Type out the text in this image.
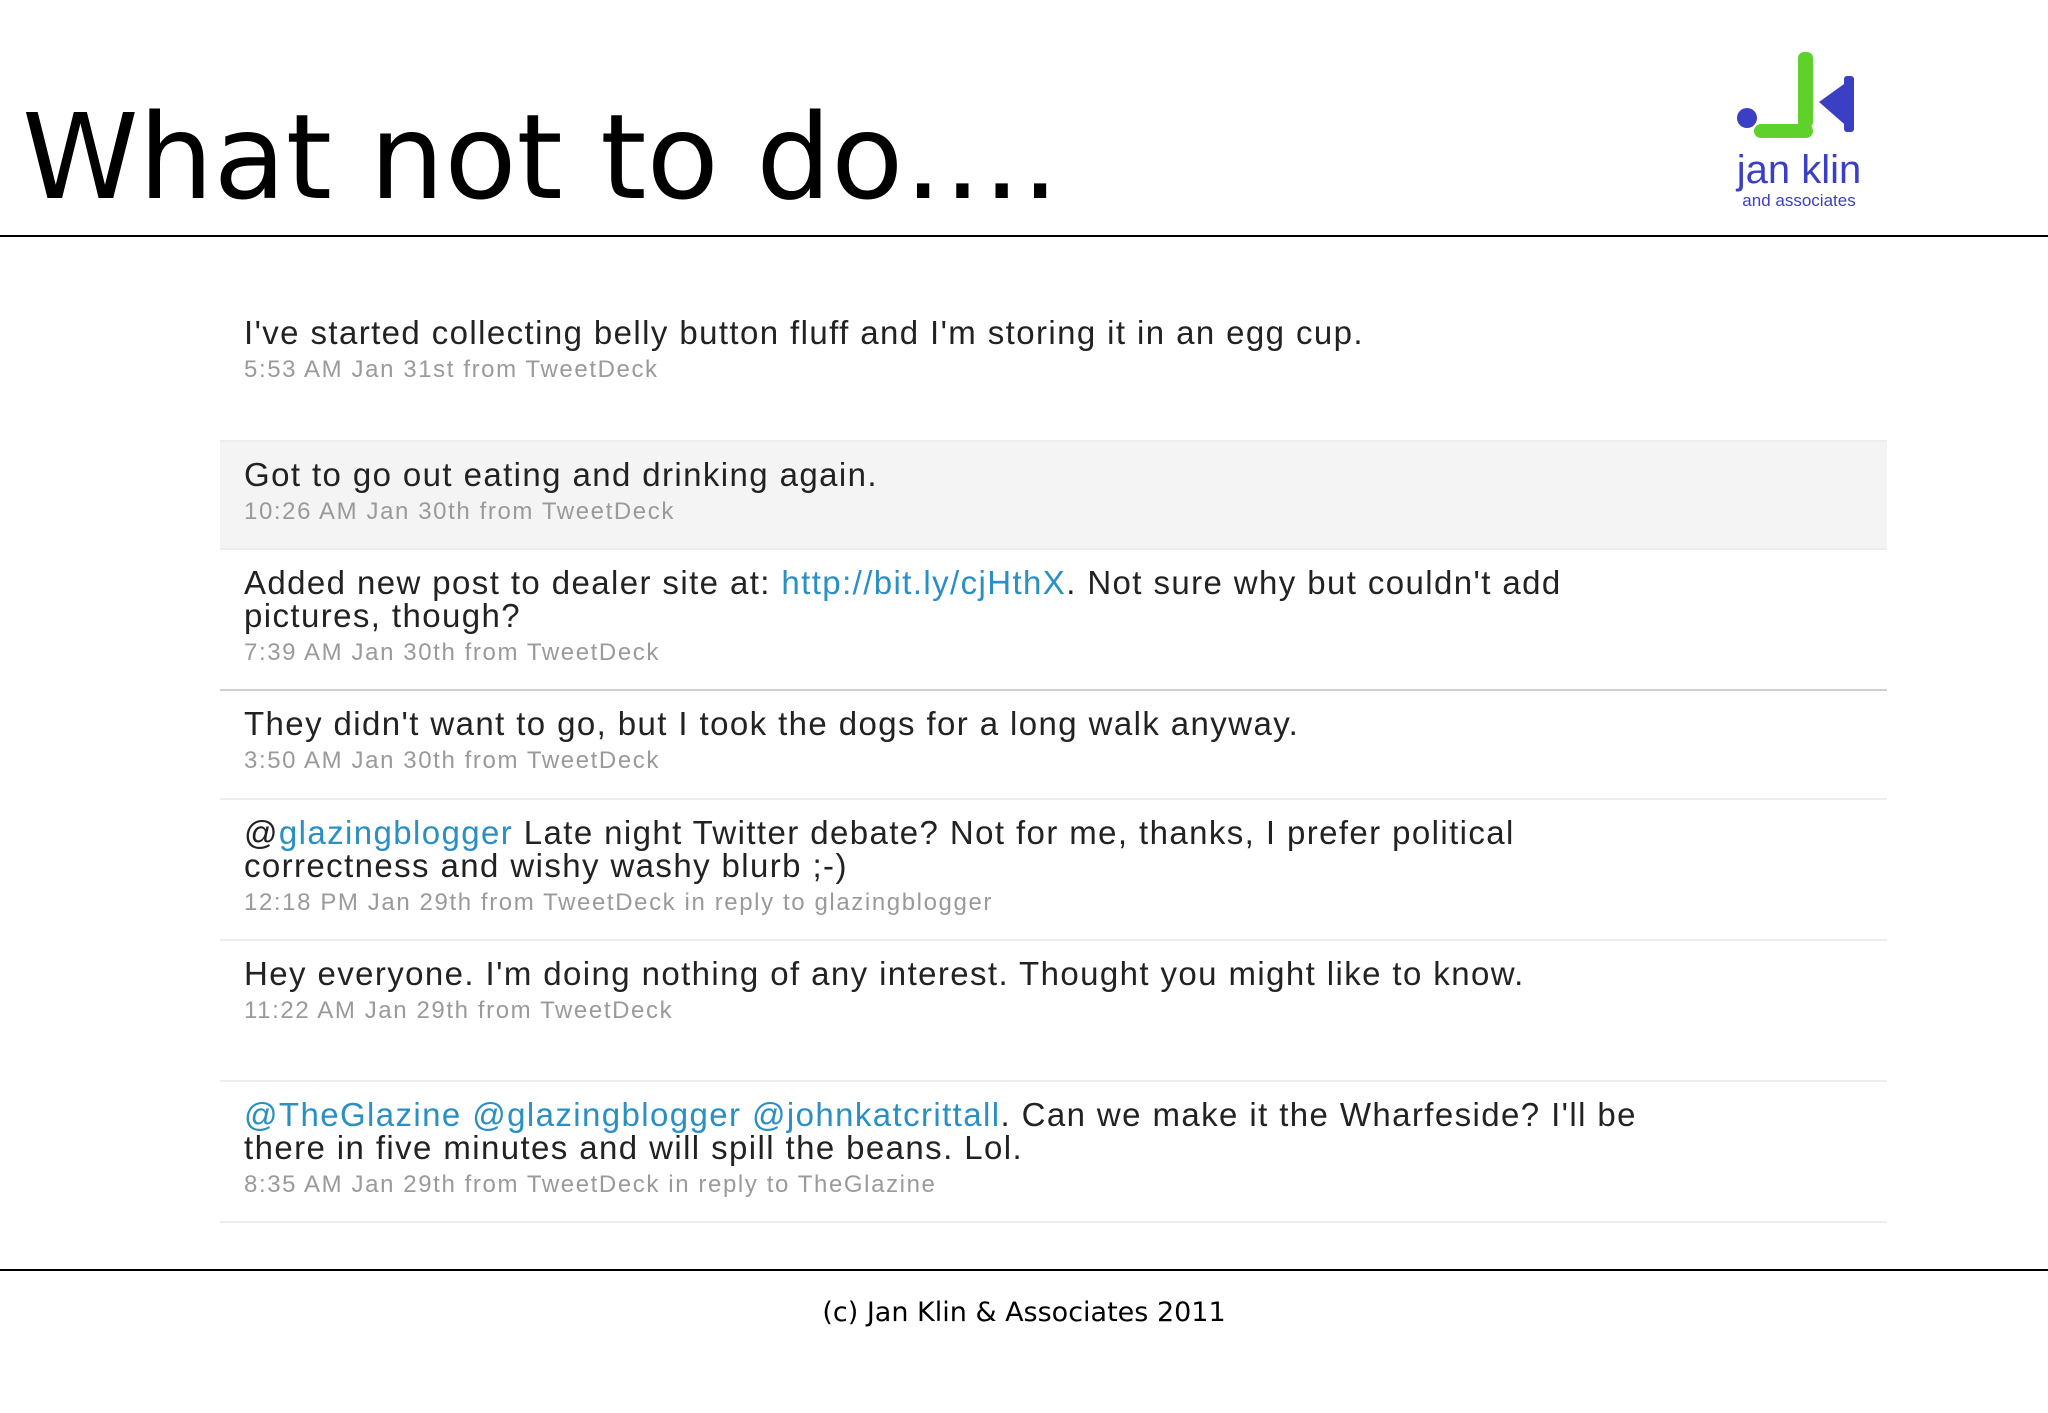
What not to do….	jan klin
and associates

I've started collecting belly button fluff and I'm storing it in an egg cup.

5:53 AM Jan 31st from TweetDeck

Got to go out eating and drinking again.

10:26 AM Jan 30th from TweetDeck

Added new post to dealer site at: http://bit.ly/cjHthX. Not sure why but couldn't add pictures, though?

7:39 AM Jan 30th from TweetDeck

They didn't want to go, but I took the dogs for a long walk anyway.

3:50 AM Jan 30th from TweetDeck

@glazingblogger Late night Twitter debate? Not for me, thanks, I prefer political correctness and wishy washy blurb ;-)

12:18 PM Jan 29th from TweetDeck in reply to glazingblogger

Hey everyone. I'm doing nothing of any interest. Thought you might like to know.

11:22 AM Jan 29th from TweetDeck

@TheGlazine @glazingblogger @johnkatcrittall. Can we make it the Wharfeside? I'll be there in five minutes and will spill the beans. Lol.

8:35 AM Jan 29th from TweetDeck in reply to TheGlazine
(c) Jan Klin & Associates 2011
